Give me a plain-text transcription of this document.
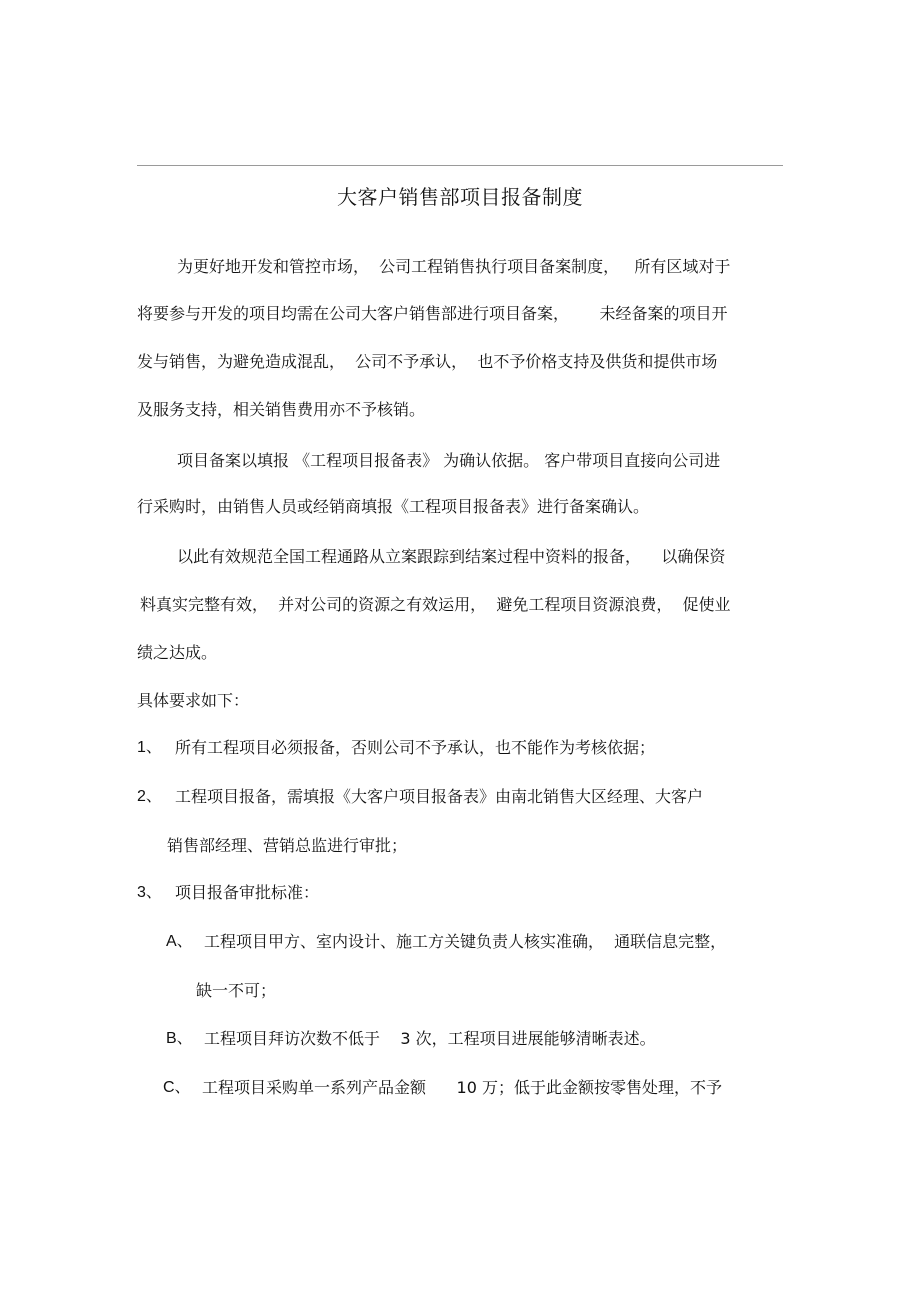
大客户销售部项目报备制度
为更好地开发和管控市场，  公司工程销售执行项目备案制度，   所有区域对于
将要参与开发的项目均需在公司大客户销售部进行项目备案，      未经备案的项目开
发与销售，为避免造成混乱，  公司不予承认，  也不予价格支持及供货和提供市场
及服务支持，相关销售费用亦不予核销。
项目备案以填报 《工程项目报备表》 为确认依据。 客户带项目直接向公司进
行采购时，由销售人员或经销商填报《工程项目报备表》进行备案确认。
以此有效规范全国工程通路从立案跟踪到结案过程中资料的报备，    以确保资
料真实完整有效，  并对公司的资源之有效运用，  避免工程项目资源浪费，  促使业
绩之达成。
具体要求如下：
1、 所有工程项目必须报备，否则公司不予承认，也不能作为考核依据；
2、 工程项目报备，需填报《大客户项目报备表》由南北销售大区经理、大客户
销售部经理、营销总监进行审批；
3、 项目报备审批标准：
A、 工程项目甲方、室内设计、施工方关键负责人核实准确，  通联信息完整，
缺一不可；
B、 工程项目拜访次数不低于    3 次，工程项目进展能够清晰表述。
C、 工程项目采购单一系列产品金额      10 万；低于此金额按零售处理，不予
